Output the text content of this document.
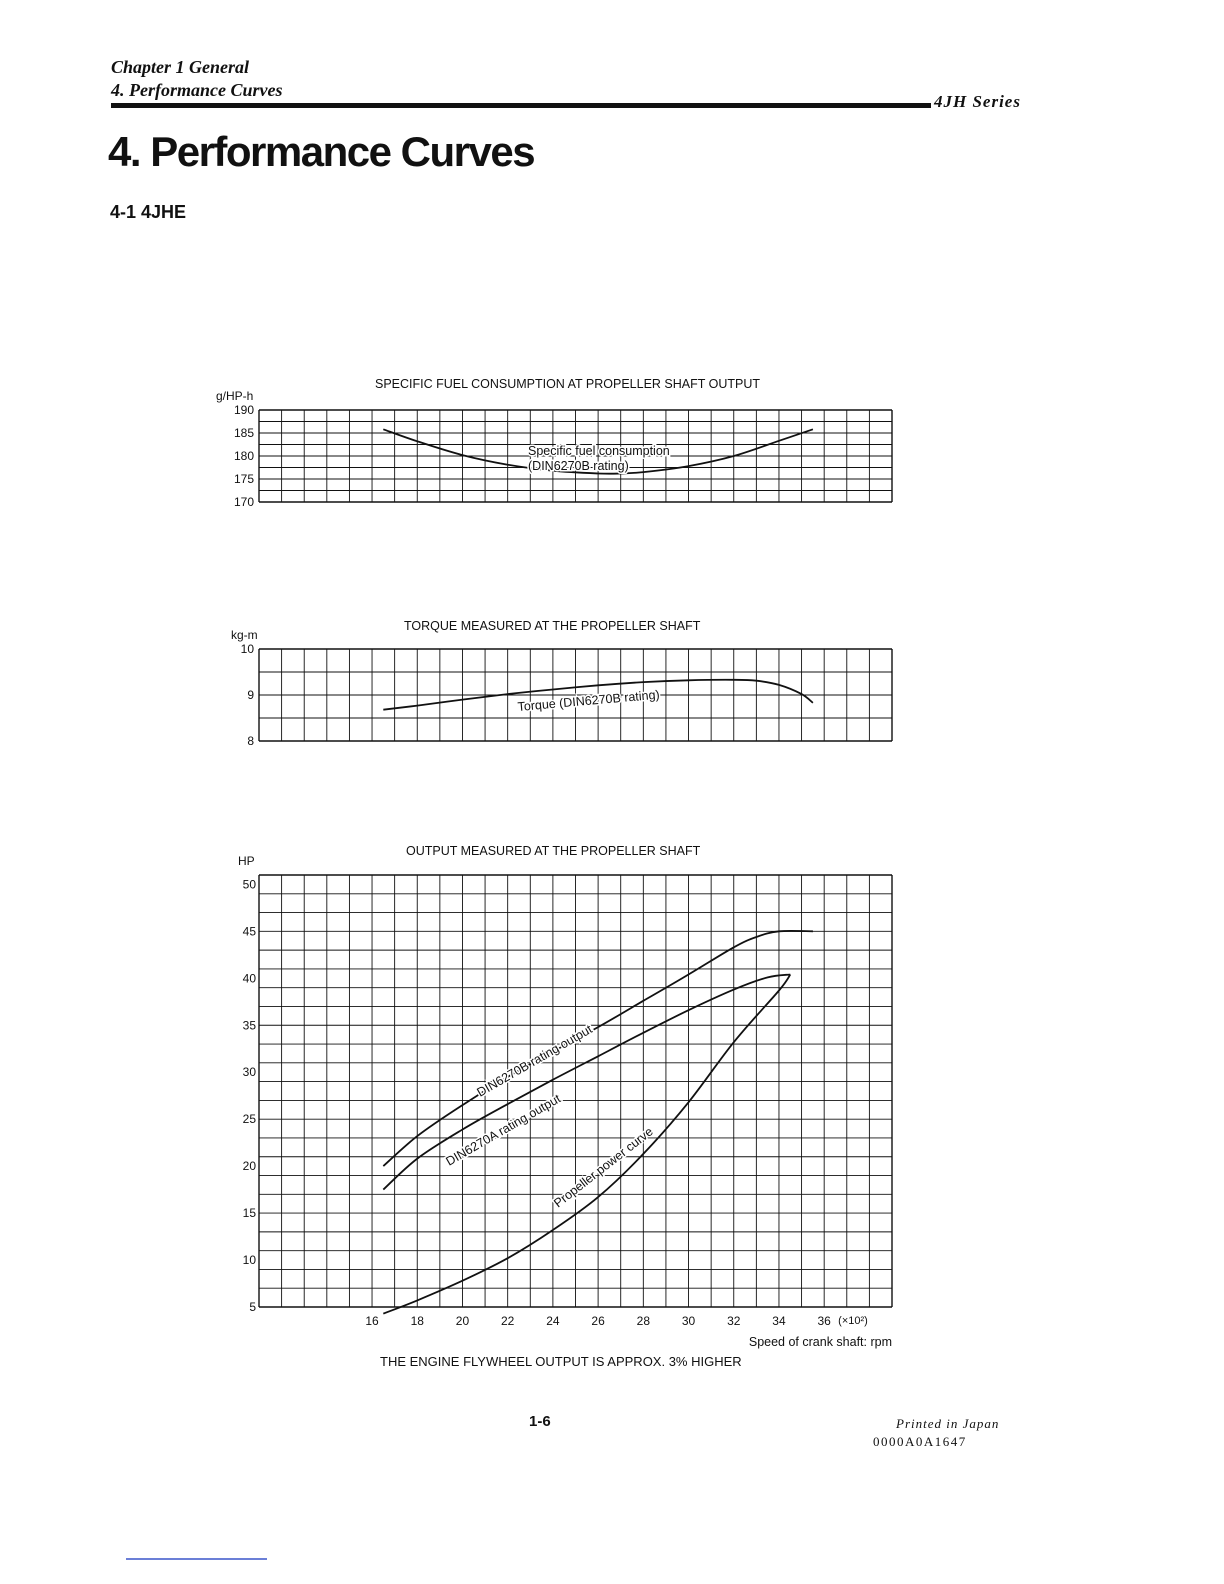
Chapter 1 General
4. Performance Curves
4JH Series
4. Performance Curves
4-1 4JHE
SPECIFIC FUEL CONSUMPTION AT PROPELLER SHAFT OUTPUT
g/HP-h
190
185
180
175
170
Specific fuel consumption
(DIN6270B rating)
TORQUE MEASURED AT THE PROPELLER SHAFT
kg-m
10
9
8
Torque (DIN6270B rating)
OUTPUT MEASURED AT THE PROPELLER SHAFT
HP
50
45
40
35
30
25
20
15
10
5
16	18	20	22	24	26	28	30	32	34	36 (×10²)
Speed of crank shaft: rpm
DIN6270B rating output
DIN6270A rating output
Propeller power curve
THE ENGINE FLYWHEEL OUTPUT IS APPROX. 3% HIGHER
1-6	Printed in Japan
0000A0A1647
